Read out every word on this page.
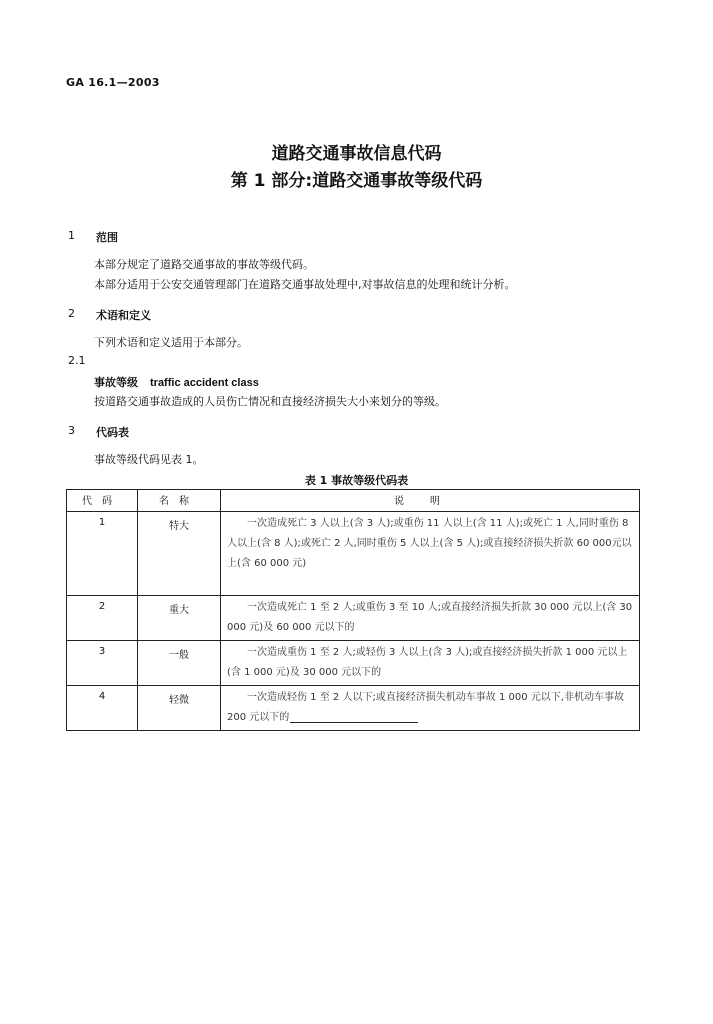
GA 16.1—2003
道路交通事故信息代码
第 1 部分:道路交通事故等级代码
1 范围
本部分规定了道路交通事故的事故等级代码。
本部分适用于公安交通管理部门在道路交通事故处理中,对事故信息的处理和统计分析。
2 术语和定义
下列术语和定义适用于本部分。
2.1
事故等级 traffic accident class
按道路交通事故造成的人员伤亡情况和直接经济损失大小来划分的等级。
3 代码表
事故等级代码见表 1。
表 1 事故等级代码表
代码	名称	说明
1	特大	一次造成死亡 3 人以上(含 3 人);或重伤 11 人以上(含 11 人);或死亡 1 人,同时重伤 8 人以上(含 8 人);或死亡 2 人,同时重伤 5 人以上(含 5 人);或直接经济损失折款 60 000元以上(含 60 000 元)
2	重大	一次造成死亡 1 至 2 人;或重伤 3 至 10 人;或直接经济损失折款 30 000 元以上(含 30 000 元)及 60 000 元以下的
3	一般	一次造成重伤 1 至 2 人;或轻伤 3 人以上(含 3 人);或直接经济损失折款 1 000 元以上(含 1 000 元)及 30 000 元以下的
4	轻微	一次造成轻伤 1 至 2 人以下;或直接经济损失机动车事故 1 000 元以下,非机动车事故 200 元以下的
